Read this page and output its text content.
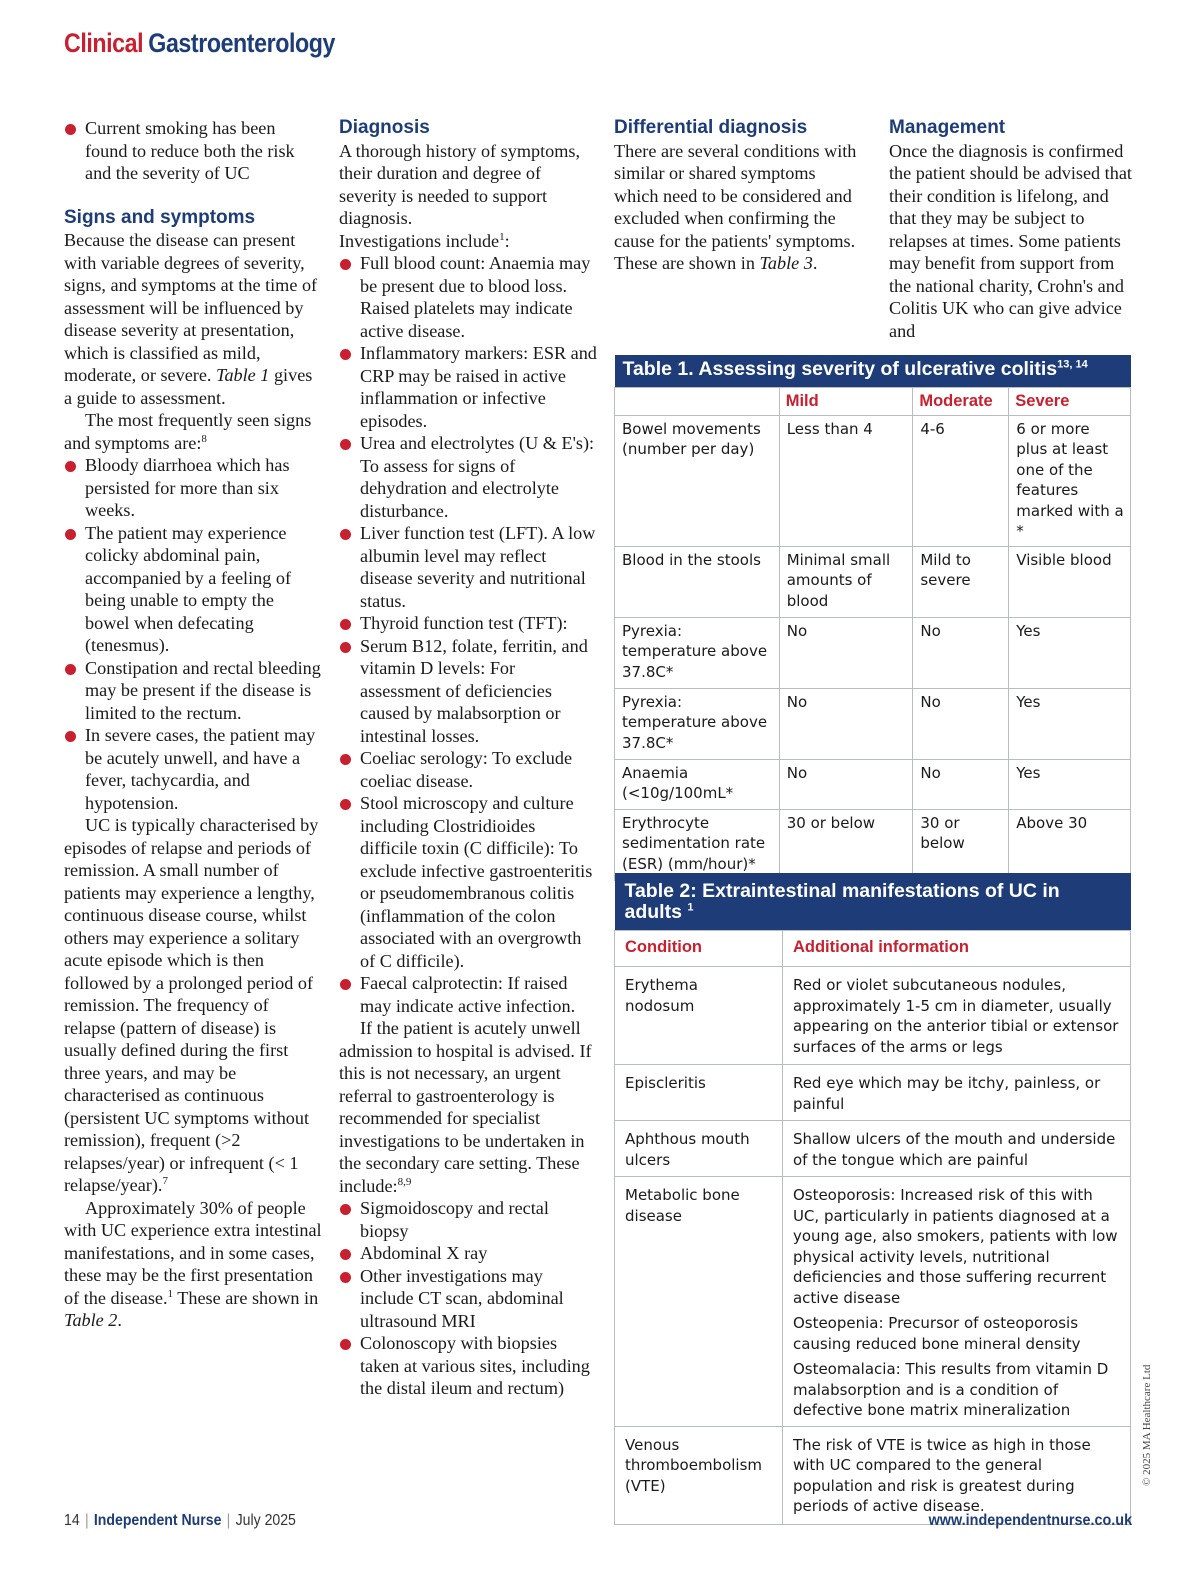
Clinical Gastroenterology
Current smoking has been found to reduce both the risk and the severity of UC
Signs and symptoms
Because the disease can present with variable degrees of severity, signs, and symptoms at the time of assessment will be influenced by disease severity at presentation, which is classified as mild, moderate, or severe. Table 1 gives a guide to assessment.
The most frequently seen signs and symptoms are:$^8$
Bloody diarrhoea which has persisted for more than six weeks.
The patient may experience colicky abdominal pain, accompanied by a feeling of being unable to empty the bowel when defecating (tenesmus).
Constipation and rectal bleeding may be present if the disease is limited to the rectum.
In severe cases, the patient may be acutely unwell, and have a fever, tachycardia, and hypotension.
UC is typically characterised by episodes of relapse and periods of remission. A small number of patients may experience a lengthy, continuous disease course, whilst others may experience a solitary acute episode which is then followed by a prolonged period of remission. The frequency of relapse (pattern of disease) is usually defined during the first three years, and may be characterised as continuous (persistent UC symptoms without remission), frequent (>2 relapses/year) or infrequent (< 1 relapse/year).$^7$
Approximately 30% of people with UC experience extra intestinal manifestations, and in some cases, these may be the first presentation of the disease.$^1$ These are shown in Table 2.
Diagnosis
A thorough history of symptoms, their duration and degree of severity is needed to support diagnosis.
Investigations include$^1$:
Full blood count: Anaemia may be present due to blood loss. Raised platelets may indicate active disease.
Inflammatory markers: ESR and CRP may be raised in active inflammation or infective episodes.
Urea and electrolytes (U & E's): To assess for signs of dehydration and electrolyte disturbance.
Liver function test (LFT). A low albumin level may reflect disease severity and nutritional status.
Thyroid function test (TFT):
Serum B12, folate, ferritin, and vitamin D levels: For assessment of deficiencies caused by malabsorption or intestinal losses.
Coeliac serology: To exclude coeliac disease.
Stool microscopy and culture including Clostridioides difficile toxin (C difficile): To exclude infective gastroenteritis or pseudomembranous colitis (inflammation of the colon associated with an overgrowth of C difficile).
Faecal calprotectin: If raised may indicate active infection.
If the patient is acutely unwell admission to hospital is advised. If this is not necessary, an urgent referral to gastroenterology is recommended for specialist investigations to be undertaken in the secondary care setting. These include:$^{8,9}$
Sigmoidoscopy and rectal biopsy
Abdominal X ray
Other investigations may include CT scan, abdominal ultrasound MRI
Colonoscopy with biopsies taken at various sites, including the distal ileum and rectum)
Differential diagnosis
There are several conditions with similar or shared symptoms which need to be considered and excluded when confirming the cause for the patients' symptoms. These are shown in Table 3.
Management
Once the diagnosis is confirmed the patient should be advised that their condition is lifelong, and that they may be subject to relapses at times. Some patients may benefit from support from the national charity, Crohn's and Colitis UK who can give advice and
Table 1. Assessing severity of ulcerative colitis$^{13, 14}$
	Mild	Moderate	Severe
Bowel movements (number per day)	Less than 4	4-6	6 or more plus at least one of the features marked with a *
Blood in the stools	Minimal small amounts of blood	Mild to severe	Visible blood
Pyrexia: temperature above 37.8C*	No	No	Yes
Pyrexia: temperature above 37.8C*	No	No	Yes
Anaemia (<10g/100mL*	No	No	Yes
Erythrocyte sedimentation rate (ESR) (mm/hour)*	30 or below	30 or below	Above 30
Table 2: Extraintestinal manifestations of UC in adults $^1$
Condition	Additional information
Erythema nodosum	Red or violet subcutaneous nodules, approximately 1-5 cm in diameter, usually appearing on the anterior tibial or extensor surfaces of the arms or legs

Episcleritis	Red eye which may be itchy, painless, or painful

Aphthous mouth ulcers	Shallow ulcers of the mouth and underside of the tongue which are painful

Metabolic bone disease	Osteoporosis: Increased risk of this with UC, particularly in patients diagnosed at a young age, also smokers, patients with low physical activity levels, nutritional deficiencies and those suffering recurrent active disease
Osteopenia: Precursor of osteoporosis causing reduced bone mineral density
Osteomalacia: This results from vitamin D malabsorption and is a condition of defective bone matrix mineralization

Venous thromboembolism (VTE)	The risk of VTE is twice as high in those with UC compared to the general population and risk is greatest during periods of active disease.
14 | Independent Nurse | July 2025	www.independentnurse.co.uk
© 2025 MA Healthcare Ltd
